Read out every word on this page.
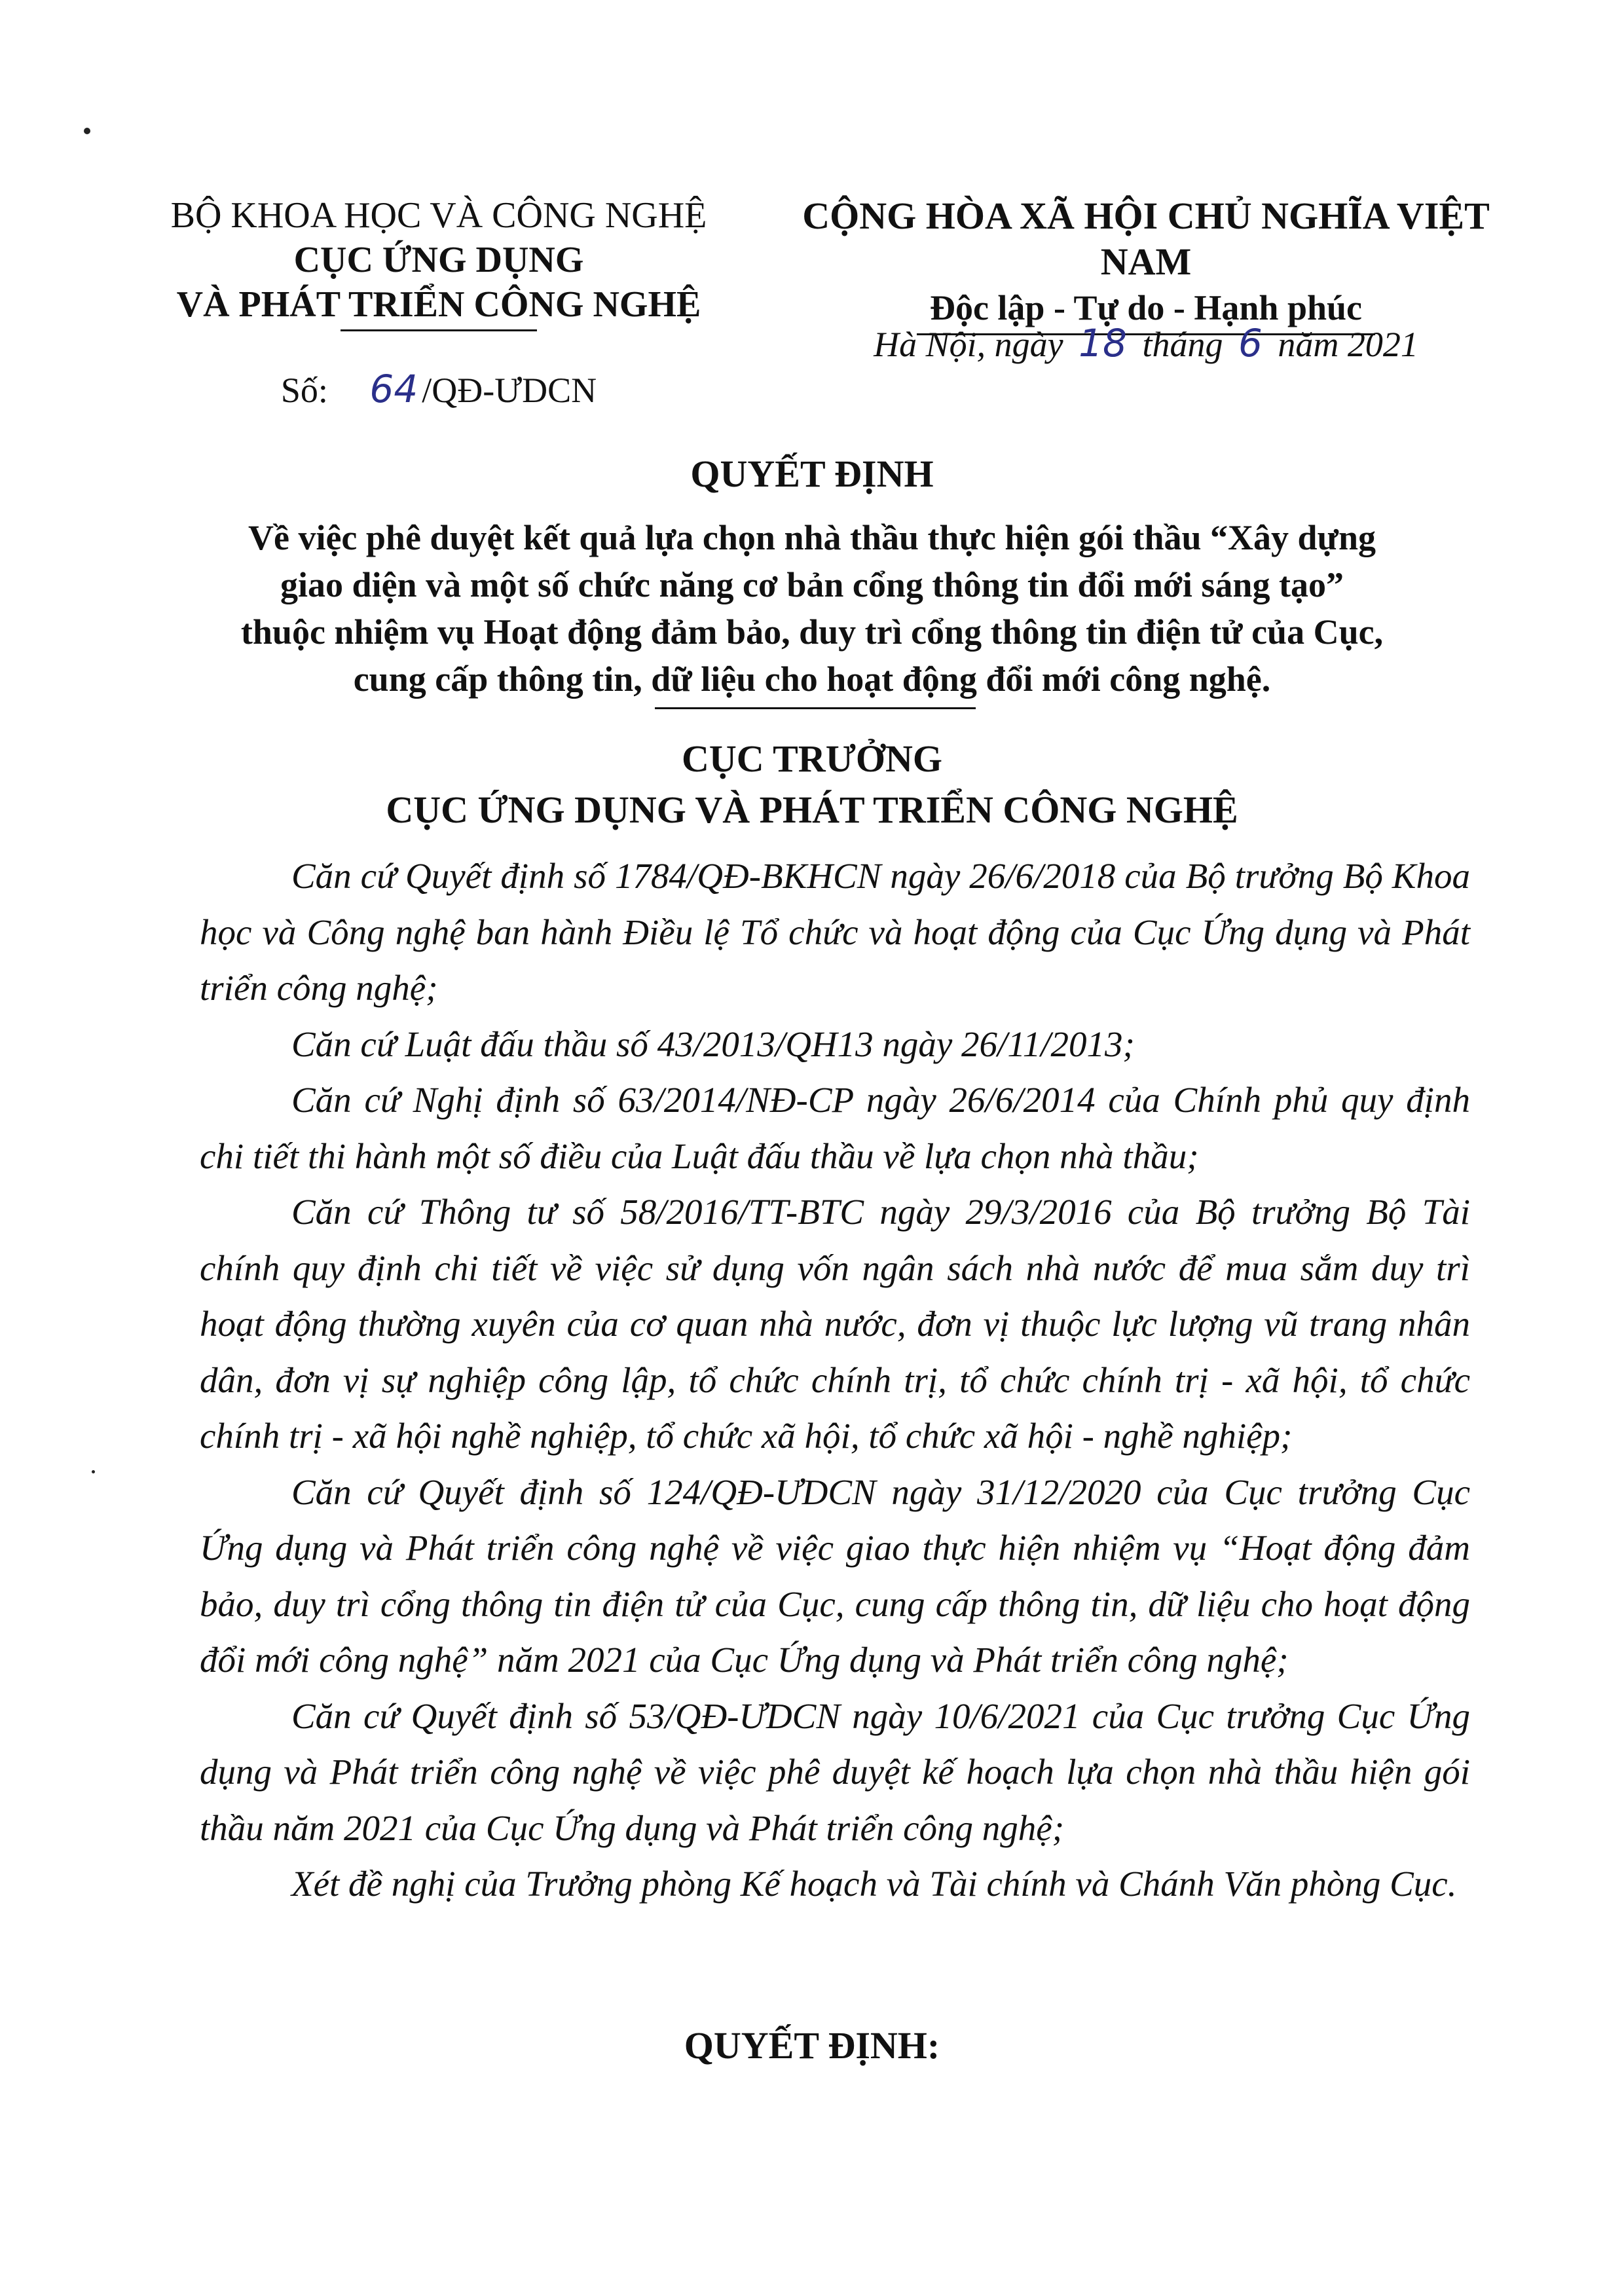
BỘ KHOA HỌC VÀ CÔNG NGHỆ
CỤC ỨNG DỤNG
VÀ PHÁT TRIỂN CÔNG NGHỆ
CỘNG HÒA XÃ HỘI CHỦ NGHĨA VIỆT NAM
Độc lập - Tự do - Hạnh phúc
Hà Nội, ngày 18 tháng 6 năm 2021
Số: 64 /QĐ-ƯDCN
QUYẾT ĐỊNH
Về việc phê duyệt kết quả lựa chọn nhà thầu thực hiện gói thầu “Xây dựng
giao diện và một số chức năng cơ bản cổng thông tin đổi mới sáng tạo”
thuộc nhiệm vụ Hoạt động đảm bảo, duy trì cổng thông tin điện tử của Cục,
cung cấp thông tin, dữ liệu cho hoạt động đổi mới công nghệ.
CỤC TRƯỞNG
CỤC ỨNG DỤNG VÀ PHÁT TRIỂN CÔNG NGHỆ

Căn cứ Quyết định số 1784/QĐ-BKHCN ngày 26/6/2018 của Bộ trưởng Bộ Khoa học và Công nghệ ban hành Điều lệ Tổ chức và hoạt động của Cục Ứng dụng và Phát triển công nghệ;

Căn cứ Luật đấu thầu số 43/2013/QH13 ngày 26/11/2013;

Căn cứ Nghị định số 63/2014/NĐ-CP ngày 26/6/2014 của Chính phủ quy định chi tiết thi hành một số điều của Luật đấu thầu về lựa chọn nhà thầu;

Căn cứ Thông tư số 58/2016/TT-BTC ngày 29/3/2016 của Bộ trưởng Bộ Tài chính quy định chi tiết về việc sử dụng vốn ngân sách nhà nước để mua sắm duy trì hoạt động thường xuyên của cơ quan nhà nước, đơn vị thuộc lực lượng vũ trang nhân dân, đơn vị sự nghiệp công lập, tổ chức chính trị, tổ chức chính trị - xã hội, tổ chức chính trị - xã hội nghề nghiệp, tổ chức xã hội, tổ chức xã hội - nghề nghiệp;

Căn cứ Quyết định số 124/QĐ-ƯDCN ngày 31/12/2020 của Cục trưởng Cục Ứng dụng và Phát triển công nghệ về việc giao thực hiện nhiệm vụ “Hoạt động đảm bảo, duy trì cổng thông tin điện tử của Cục, cung cấp thông tin, dữ liệu cho hoạt động đổi mới công nghệ” năm 2021 của Cục Ứng dụng và Phát triển công nghệ;

Căn cứ Quyết định số 53/QĐ-ƯDCN ngày 10/6/2021 của Cục trưởng Cục Ứng dụng và Phát triển công nghệ về việc phê duyệt kế hoạch lựa chọn nhà thầu hiện gói thầu năm 2021 của Cục Ứng dụng và Phát triển công nghệ;

Xét đề nghị của Trưởng phòng Kế hoạch và Tài chính và Chánh Văn phòng Cục.

QUYẾT ĐỊNH:
